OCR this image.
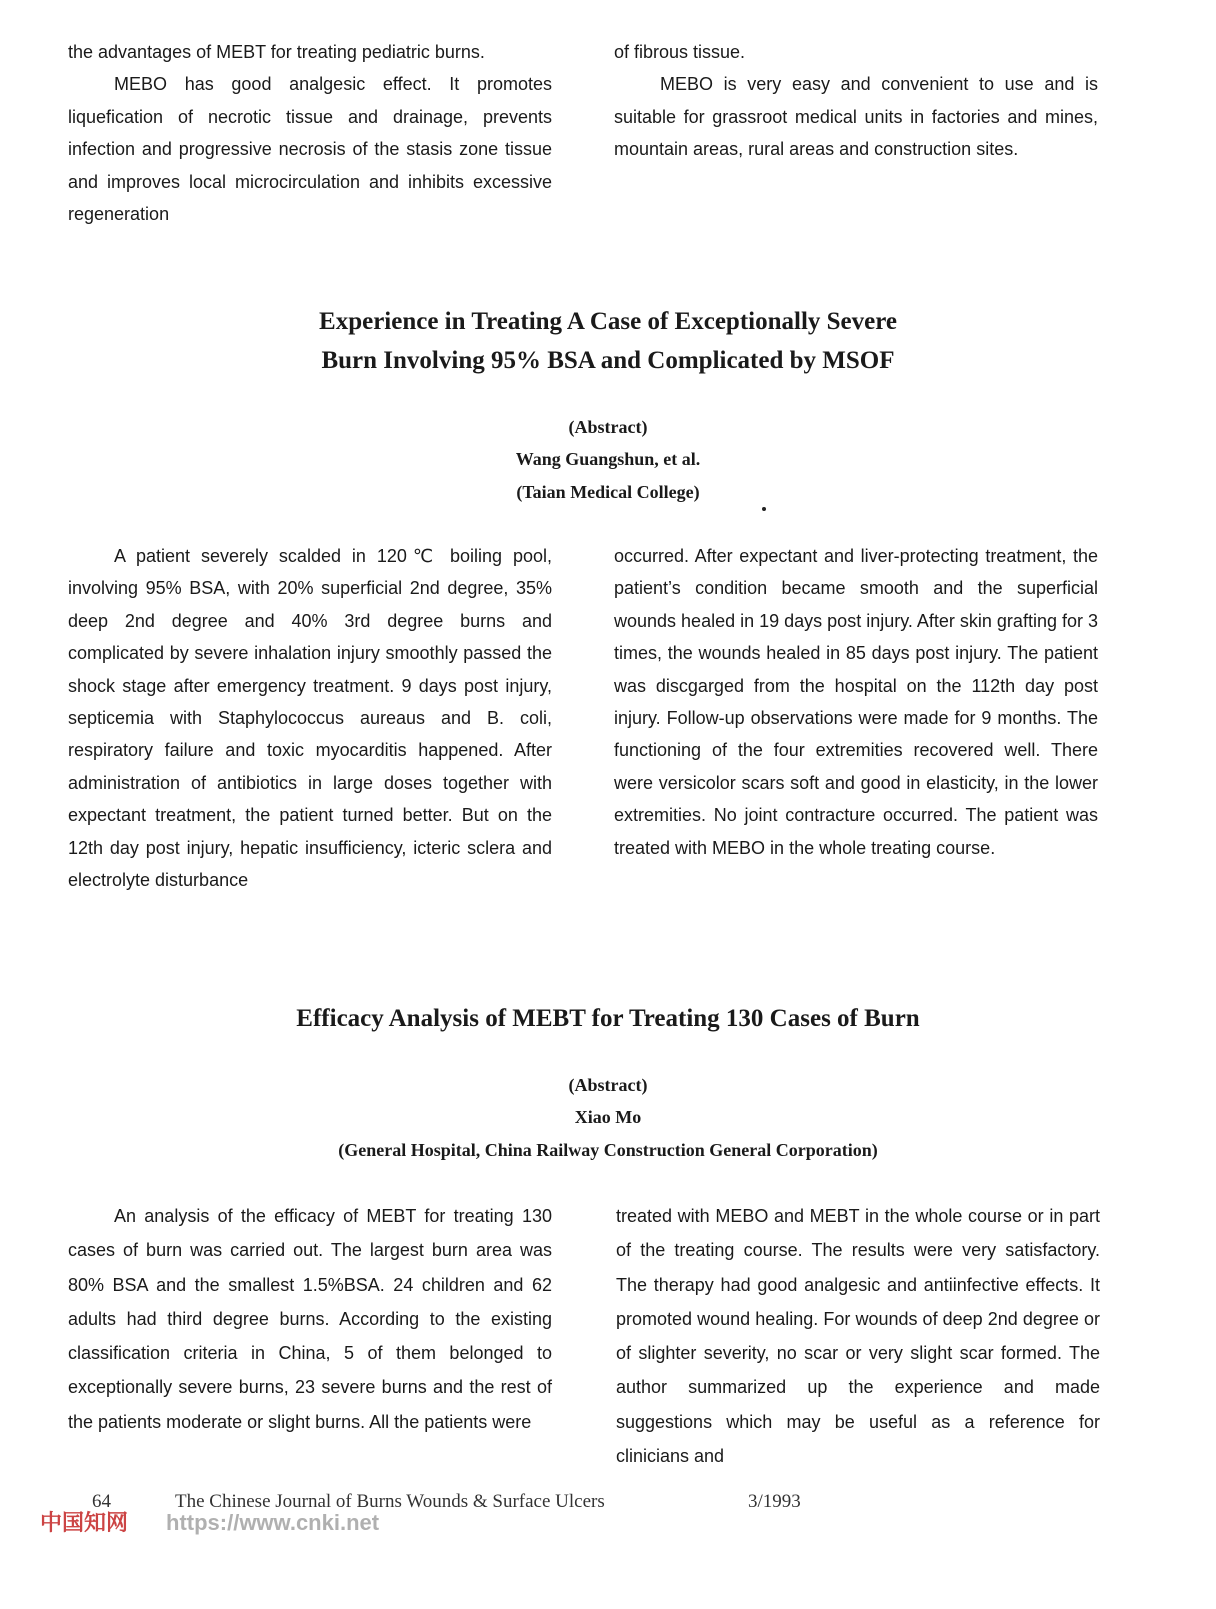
the advantages of MEBT for treating pediatric burns.

MEBO has good analgesic effect. It promotes liquefication of necrotic tissue and drainage, prevents infection and progressive necrosis of the stasis zone tissue and improves local microcirculation and inhibits excessive regeneration

of fibrous tissue.

MEBO is very easy and convenient to use and is suitable for grassroot medical units in factories and mines, mountain areas, rural areas and construction sites.

Experience in Treating A Case of Exceptionally Severe
Burn Involving 95% BSA and Complicated by MSOF
(Abstract)
Wang Guangshun, et al.
(Taian Medical College)

A patient severely scalded in 120℃ boiling pool, involving 95% BSA, with 20% superficial 2nd degree, 35% deep 2nd degree and 40% 3rd degree burns and complicated by severe inhalation injury smoothly passed the shock stage after emergency treatment. 9 days post injury, septicemia with Staphylococcus aureaus and B. coli, respiratory failure and toxic myocarditis happened. After administration of antibiotics in large doses together with expectant treatment, the patient turned better. But on the 12th day post injury, hepatic insufficiency, icteric sclera and electrolyte disturbance

occurred. After expectant and liver-protecting treatment, the patient’s condition became smooth and the superficial wounds healed in 19 days post injury. After skin grafting for 3 times, the wounds healed in 85 days post injury. The patient was discgarged from the hospital on the 112th day post injury. Follow-up observations were made for 9 months. The functioning of the four extremities recovered well. There were versicolor scars soft and good in elasticity, in the lower extremities. No joint contracture occurred. The patient was treated with MEBO in the whole treating course.

Efficacy Analysis of MEBT for Treating 130 Cases of Burn
(Abstract)
Xiao Mo
(General Hospital, China Railway Construction General Corporation)

An analysis of the efficacy of MEBT for treating 130 cases of burn was carried out. The largest burn area was 80% BSA and the smallest 1.5%BSA. 24 children and 62 adults had third degree burns. According to the existing classification criteria in China, 5 of them belonged to exceptionally severe burns, 23 severe burns and the rest of the patients moderate or slight burns. All the patients were

treated with MEBO and MEBT in the whole course or in part of the treating course. The results were very satisfactory. The therapy had good analgesic and antiinfective effects. It promoted wound healing. For wounds of deep 2nd degree or of slighter severity, no scar or very slight scar formed. The author summarized up the experience and made suggestions which may be useful as a reference for clinicians and

64	The Chinese Journal of Burns Wounds & Surface Ulcers	3/1993
中国知网 https://www.cnki.net
